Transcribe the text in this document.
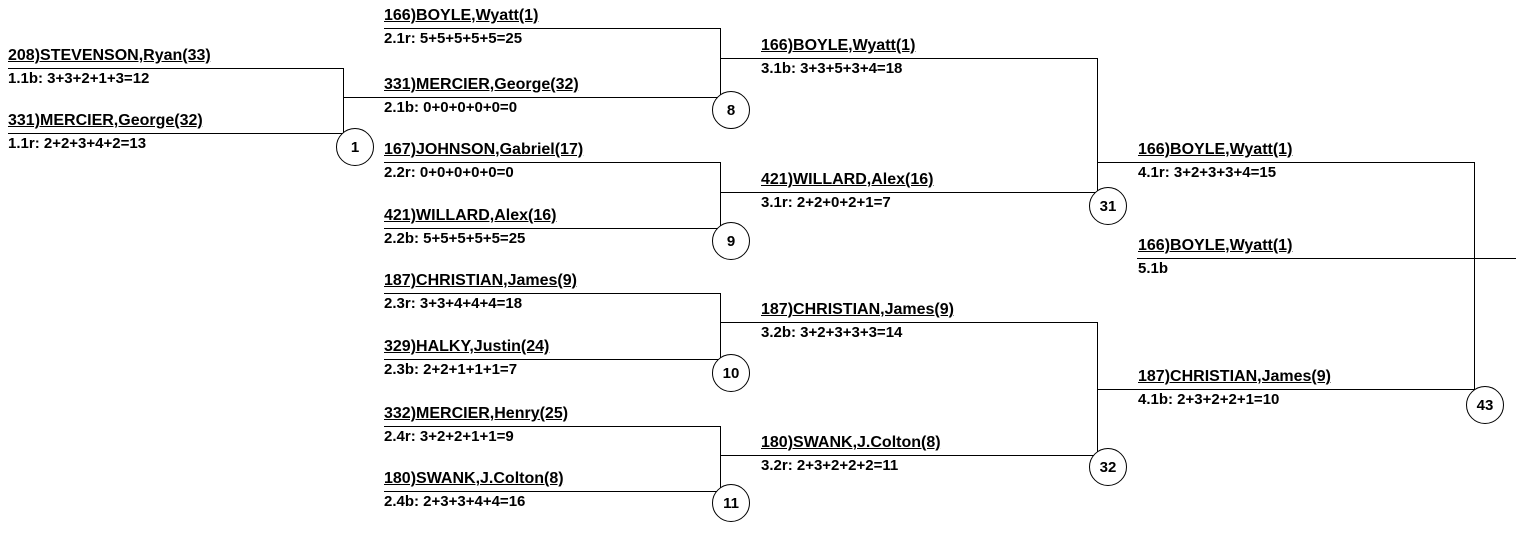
208)STEVENSON,Ryan(33)
1.1b: 3+3+2+1+3=12
331)MERCIER,George(32)
1.1r: 2+2+3+4+2=13	1
166)BOYLE,Wyatt(1)
2.1r: 5+5+5+5+5=25
331)MERCIER,George(32)
2.1b: 0+0+0+0+0=0	8
167)JOHNSON,Gabriel(17)
2.2r: 0+0+0+0+0=0
421)WILLARD,Alex(16)
2.2b: 5+5+5+5+5=25	9
187)CHRISTIAN,James(9)
2.3r: 3+3+4+4+4=18
329)HALKY,Justin(24)
2.3b: 2+2+1+1+1=7	10
332)MERCIER,Henry(25)
2.4r: 3+2+2+1+1=9
180)SWANK,J.Colton(8)
2.4b: 2+3+3+4+4=16	11
166)BOYLE,Wyatt(1)
3.1b: 3+3+5+3+4=18
421)WILLARD,Alex(16)
3.1r: 2+2+0+2+1=7	31
187)CHRISTIAN,James(9)
3.2b: 3+2+3+3+3=14
180)SWANK,J.Colton(8)
3.2r: 2+3+2+2+2=11	32
166)BOYLE,Wyatt(1)
4.1r: 3+2+3+3+4=15
187)CHRISTIAN,James(9)
4.1b: 2+3+2+2+1=10	43
166)BOYLE,Wyatt(1)
5.1b
